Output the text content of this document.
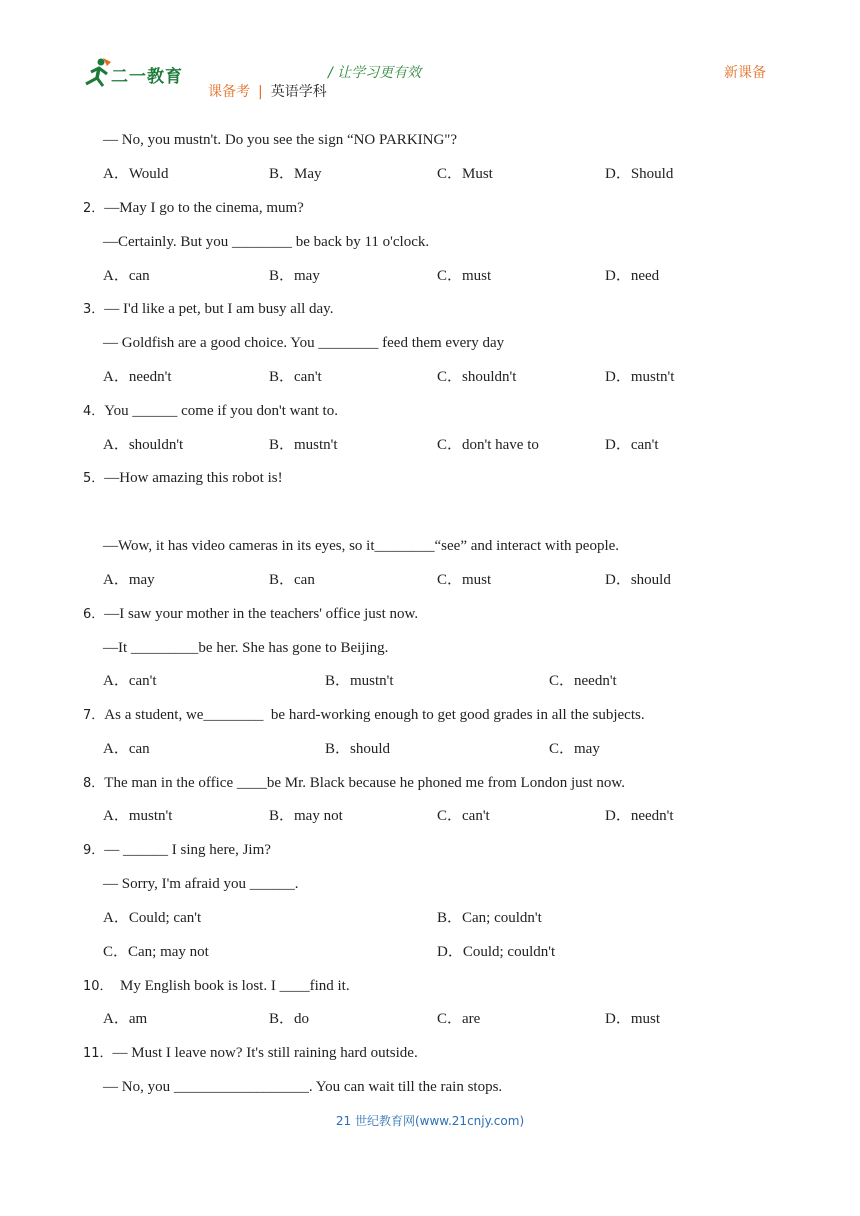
二一教育	/ 让学习更有效
课备考 | 英语学科
新课备
— No, you mustn't. Do you see the sign “NO PARKING"?
A．Would	B．May	C．Must	D．Should
2．—May I go to the cinema, mum?
—Certainly. But you ________ be back by 11 o'clock.
A．can	B．may	C．must	D．need
3．— I'd like a pet, but I am busy all day.
— Goldfish are a good choice. You ________ feed them every day
A．needn't	B．can't	C．shouldn't	D．mustn't
4．You ______ come if you don't want to.
A．shouldn't	B．mustn't	C．don't have to	D．can't
5．—How amazing this robot is!
—Wow, it has video cameras in its eyes, so it________“see” and interact with people.
A．may	B．can	C．must	D．should
6．—I saw your mother in the teachers' office just now.
—It _________be her. She has gone to Beijing.
A．can't	B．mustn't	C．needn't
7．As a student, we________  be hard-working enough to get good grades in all the subjects.
A．can	B．should	C．may
8．The man in the office ____be Mr. Black because he phoned me from London just now.
A．mustn't	B．may not	C．can't	D．needn't
9．— ______ I sing here, Jim?
— Sorry, I'm afraid you ______.
A．Could; can't	B．Can; couldn't
C．Can; may not	D．Could; couldn't
10． My English book is lost. I ____find it.
A．am	B．do	C．are	D．must
11．— Must I leave now? It's still raining hard outside.
— No, you __________________. You can wait till the rain stops.
21 世纪教育网(www.21cnjy.com)
